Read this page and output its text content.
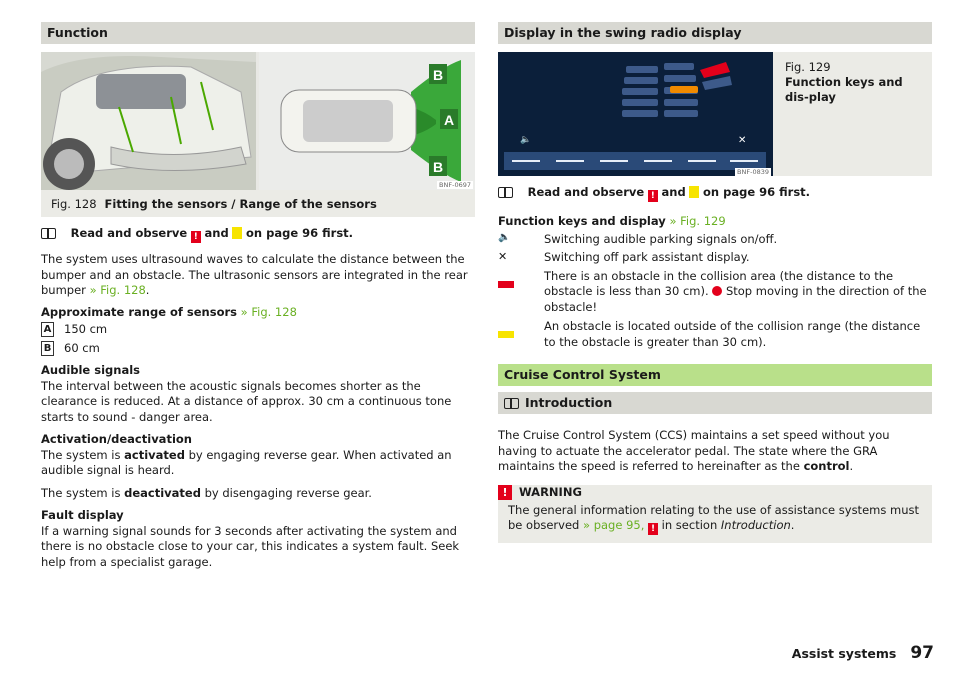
Function
B
A
B
BNF-0697
Fig. 128 Fitting the sensors / Range of the sensors

Read and observe ! and on page 96 first.

The system uses ultrasound waves to calculate the distance between the bumper and an obstacle. The ultrasonic sensors are integrated in the rear bumper » Fig. 128.

Approximate range of sensors » Fig. 128

A 150 cm

B 60 cm

Audible signals

The interval between the acoustic signals becomes shorter as the clearance is reduced. At a distance of approx. 30 cm a continuous tone starts to sound - danger area.

Activation/deactivation

The system is activated by engaging reverse gear. When activated an audible signal is heard.

The system is deactivated by disengaging reverse gear.

Fault display

If a warning signal sounds for 3 seconds after activating the system and there is no obstacle close to your car, this indicates a system fault. Seek help from a specialist garage.

Display in the swing radio display
🔈	✕
BNF-0839
Fig. 129
Function keys and dis-play

Read and observe ! and on page 96 first.

Function keys and display » Fig. 129

🔈	Switching audible parking signals on/off.

✕	Switching off park assistant display.

There is an obstacle in the collision area (the distance to the obstacle is less than 30 cm). Stop moving in the direction of the obstacle!

An obstacle is located outside of the collision range (the distance to the obstacle is greater than 30 cm).

Cruise Control System
Introduction

The Cruise Control System (CCS) maintains a set speed without you having to actuate the accelerator pedal. The state where the GRA maintains the speed is referred to hereinafter as the control.

! WARNING

The general information relating to the use of assistance systems must be observed » page 95, ! in section Introduction.

Assist systems 97
